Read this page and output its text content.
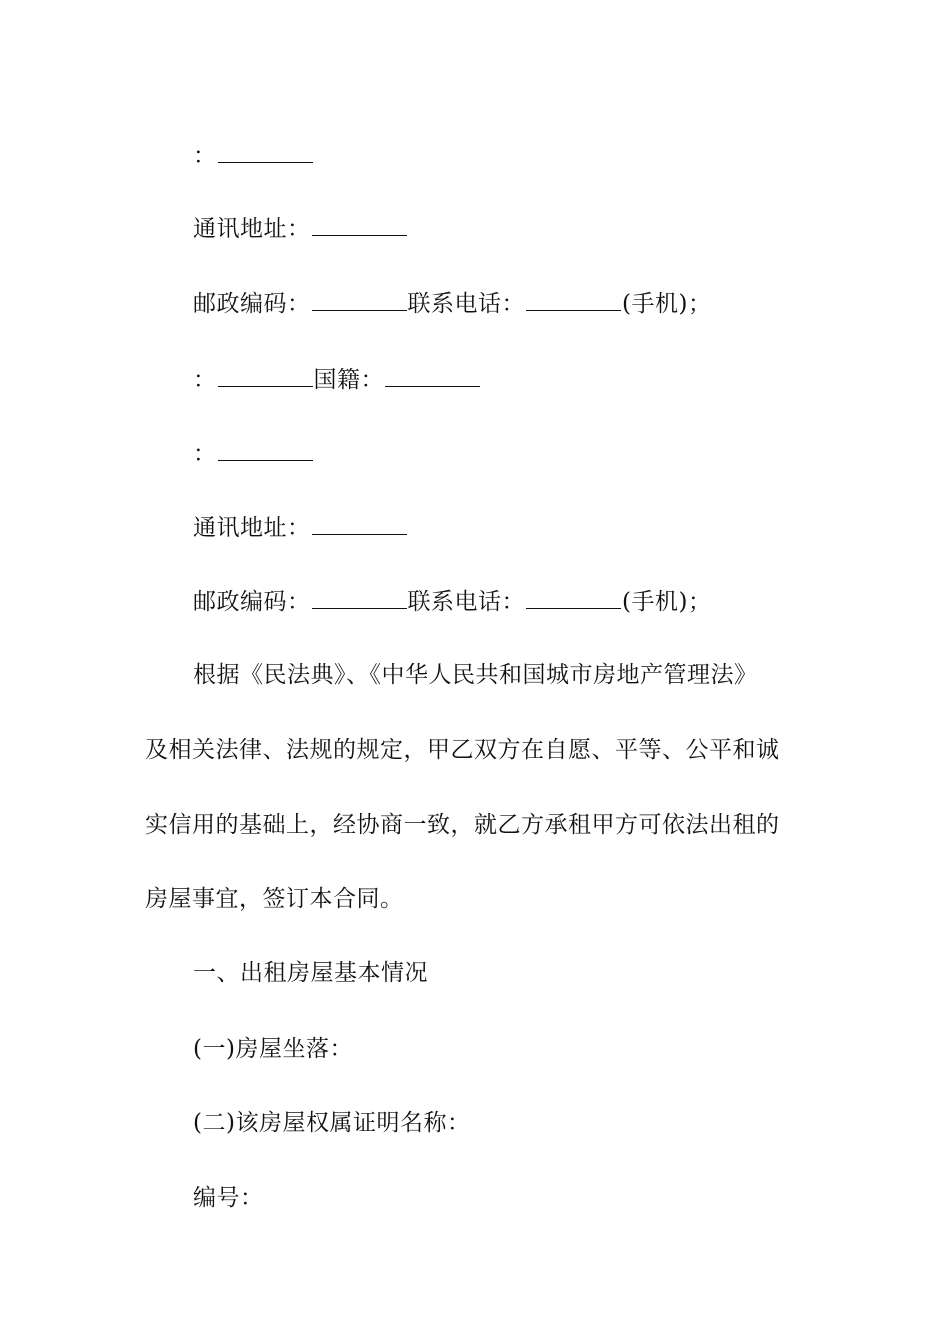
：
通讯地址：
邮政编码：	联系电话：	(手机)；
：	国籍：
：
通讯地址：
邮政编码：	联系电话：	(手机)；
根据《民法典》、《中华人民共和国城市房地产管理法》
及相关法律、法规的规定，甲乙双方在自愿、平等、公平和诚
实信用的基础上，经协商一致，就乙方承租甲方可依法出租的
房屋事宜，签订本合同。
一、出租房屋基本情况
(一)房屋坐落：
(二)该房屋权属证明名称：
编号：
